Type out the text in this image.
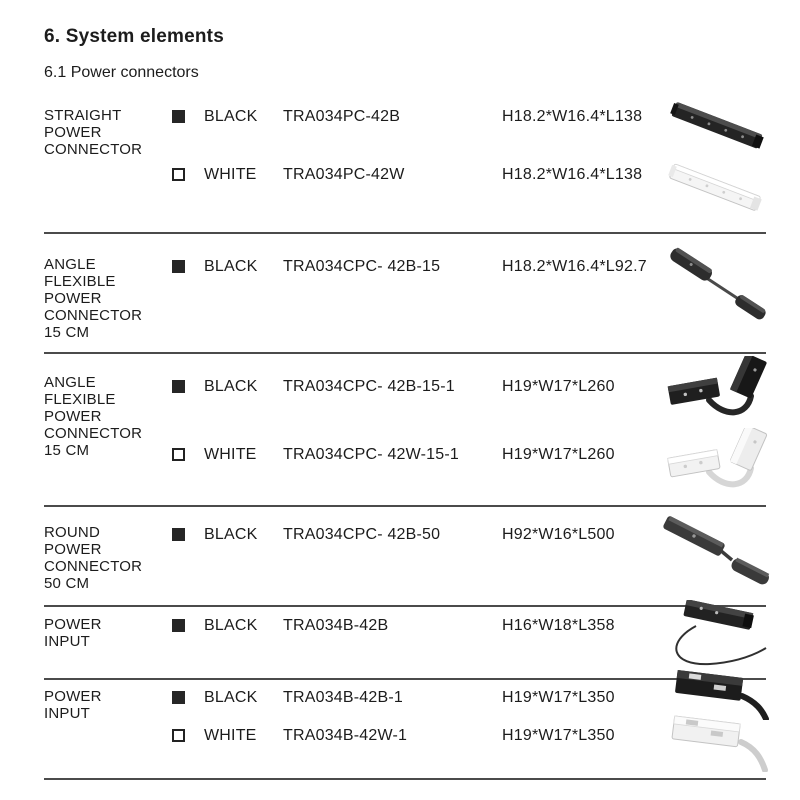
6. System elements
6.1 Power connectors
STRAIGHT
POWER
CONNECTOR
BLACK TRA034PC-42B	H18.2*W16.4*L138
WHITE TRA034PC-42W	H18.2*W16.4*L138
ANGLE
FLEXIBLE
POWER
CONNECTOR
15 CM
BLACK TRA034CPC- 42B-15	H18.2*W16.4*L92.7
ANGLE
FLEXIBLE
POWER
CONNECTOR
15 CM
BLACK TRA034CPC- 42B-15-1	H19*W17*L260
WHITE TRA034CPC- 42W-15-1	H19*W17*L260
ROUND
POWER
CONNECTOR
50 CM
BLACK TRA034CPC- 42B-50	H92*W16*L500
POWER
INPUT
BLACK TRA034B-42B	H16*W18*L358
POWER
INPUT
BLACK TRA034B-42B-1	H19*W17*L350
WHITE TRA034B-42W-1	H19*W17*L350
